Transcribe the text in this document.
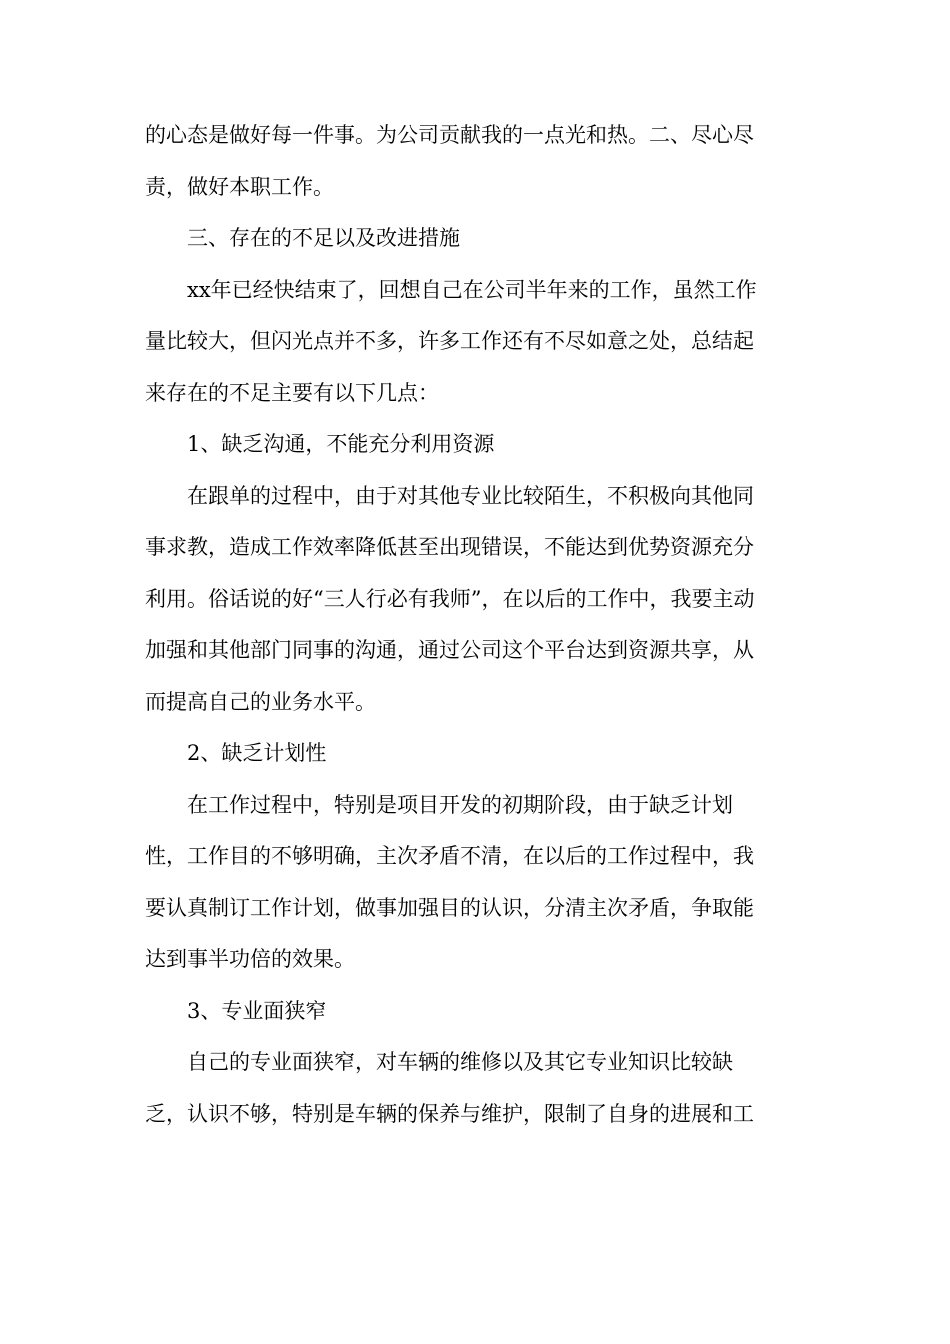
的心态是做好每一件事。为公司贡献我的一点光和热。二、尽心尽
责，做好本职工作。
三、存在的不足以及改进措施
xx年已经快结束了，回想自己在公司半年来的工作，虽然工作
量比较大，但闪光点并不多，许多工作还有不尽如意之处，总结起
来存在的不足主要有以下几点：
1、缺乏沟通，不能充分利用资源
在跟单的过程中，由于对其他专业比较陌生，不积极向其他同
事求教，造成工作效率降低甚至出现错误，不能达到优势资源充分
利用。俗话说的好“三人行必有我师”，在以后的工作中，我要主动
加强和其他部门同事的沟通，通过公司这个平台达到资源共享，从
而提高自己的业务水平。
2、缺乏计划性
在工作过程中，特别是项目开发的初期阶段，由于缺乏计划
性，工作目的不够明确，主次矛盾不清，在以后的工作过程中，我
要认真制订工作计划，做事加强目的认识，分清主次矛盾，争取能
达到事半功倍的效果。
3、专业面狭窄
自己的专业面狭窄，对车辆的维修以及其它专业知识比较缺
乏，认识不够，特别是车辆的保养与维护，限制了自身的进展和工
